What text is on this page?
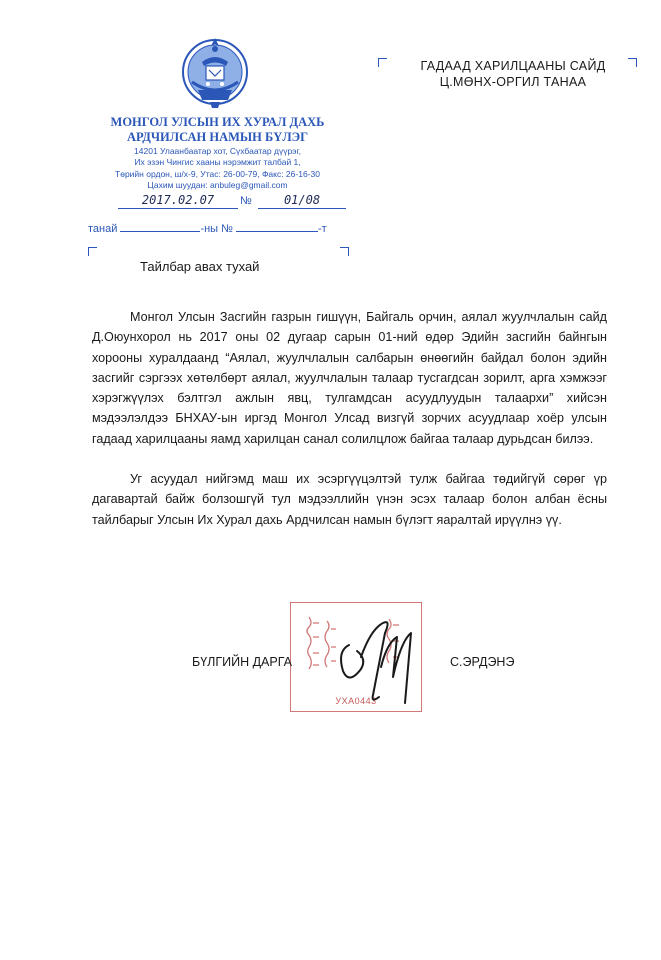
МОНГОЛ УЛСЫН ИХ ХУРАЛ ДАХЬ
АРДЧИЛСАН НАМЫН БҮЛЭГ
14201 Улаанбаатар хот, Сүхбаатар дүүрэг,
Их эзэн Чингис хааны нэрэмжит талбай 1,
Төрийн ордон, ш/х-9, Утас: 26-00-79, Факс: 26-16-30
Цахим шуудан: anbuleg@gmail.com
2017.02.07	№	01/08
танай	-ны №	-т
ГАДААД ХАРИЛЦААНЫ САЙД
Ц.МӨНХ-ОРГИЛ ТАНАА
Тайлбар авах тухай

Монгол Улсын Засгийн газрын гишүүн, Байгаль орчин, аялал жуулчлалын сайд Д.Оюунхорол нь 2017 оны 02 дугаар сарын 01-ний өдөр Эдийн засгийн байнгын хорооны хуралдаанд “Аялал, жуулчлалын салбарын өнөөгийн байдал болон эдийн засгийг сэргээх хөтөлбөрт аялал, жуулчлалын талаар тусгагдсан зорилт, арга хэмжээг хэрэгжүүлэх бэлтгэл ажлын явц, тулгамдсан асуудлуудын талаархи” хийсэн мэдээлэлдээ БНХАУ-ын иргэд Монгол Улсад визгүй зорчих асуудлаар хоёр улсын гадаад харилцааны яамд харилцан санал солилцлож байгаа талаар дурьдсан билээ.

Уг асуудал нийгэмд маш их эсэргүүцэлтэй тулж байгаа төдийгүй сөрөг үр дагавартай байж болзошгүй тул мэдээллийн үнэн эсэх талаар болон албан ёсны тайлбарыг Улсын Их Хурал дахь Ардчилсан намын бүлэгт яаралтай ирүүлнэ үү.

УХА0443
БҮЛГИЙН ДАРГА	С.ЭРДЭНЭ
